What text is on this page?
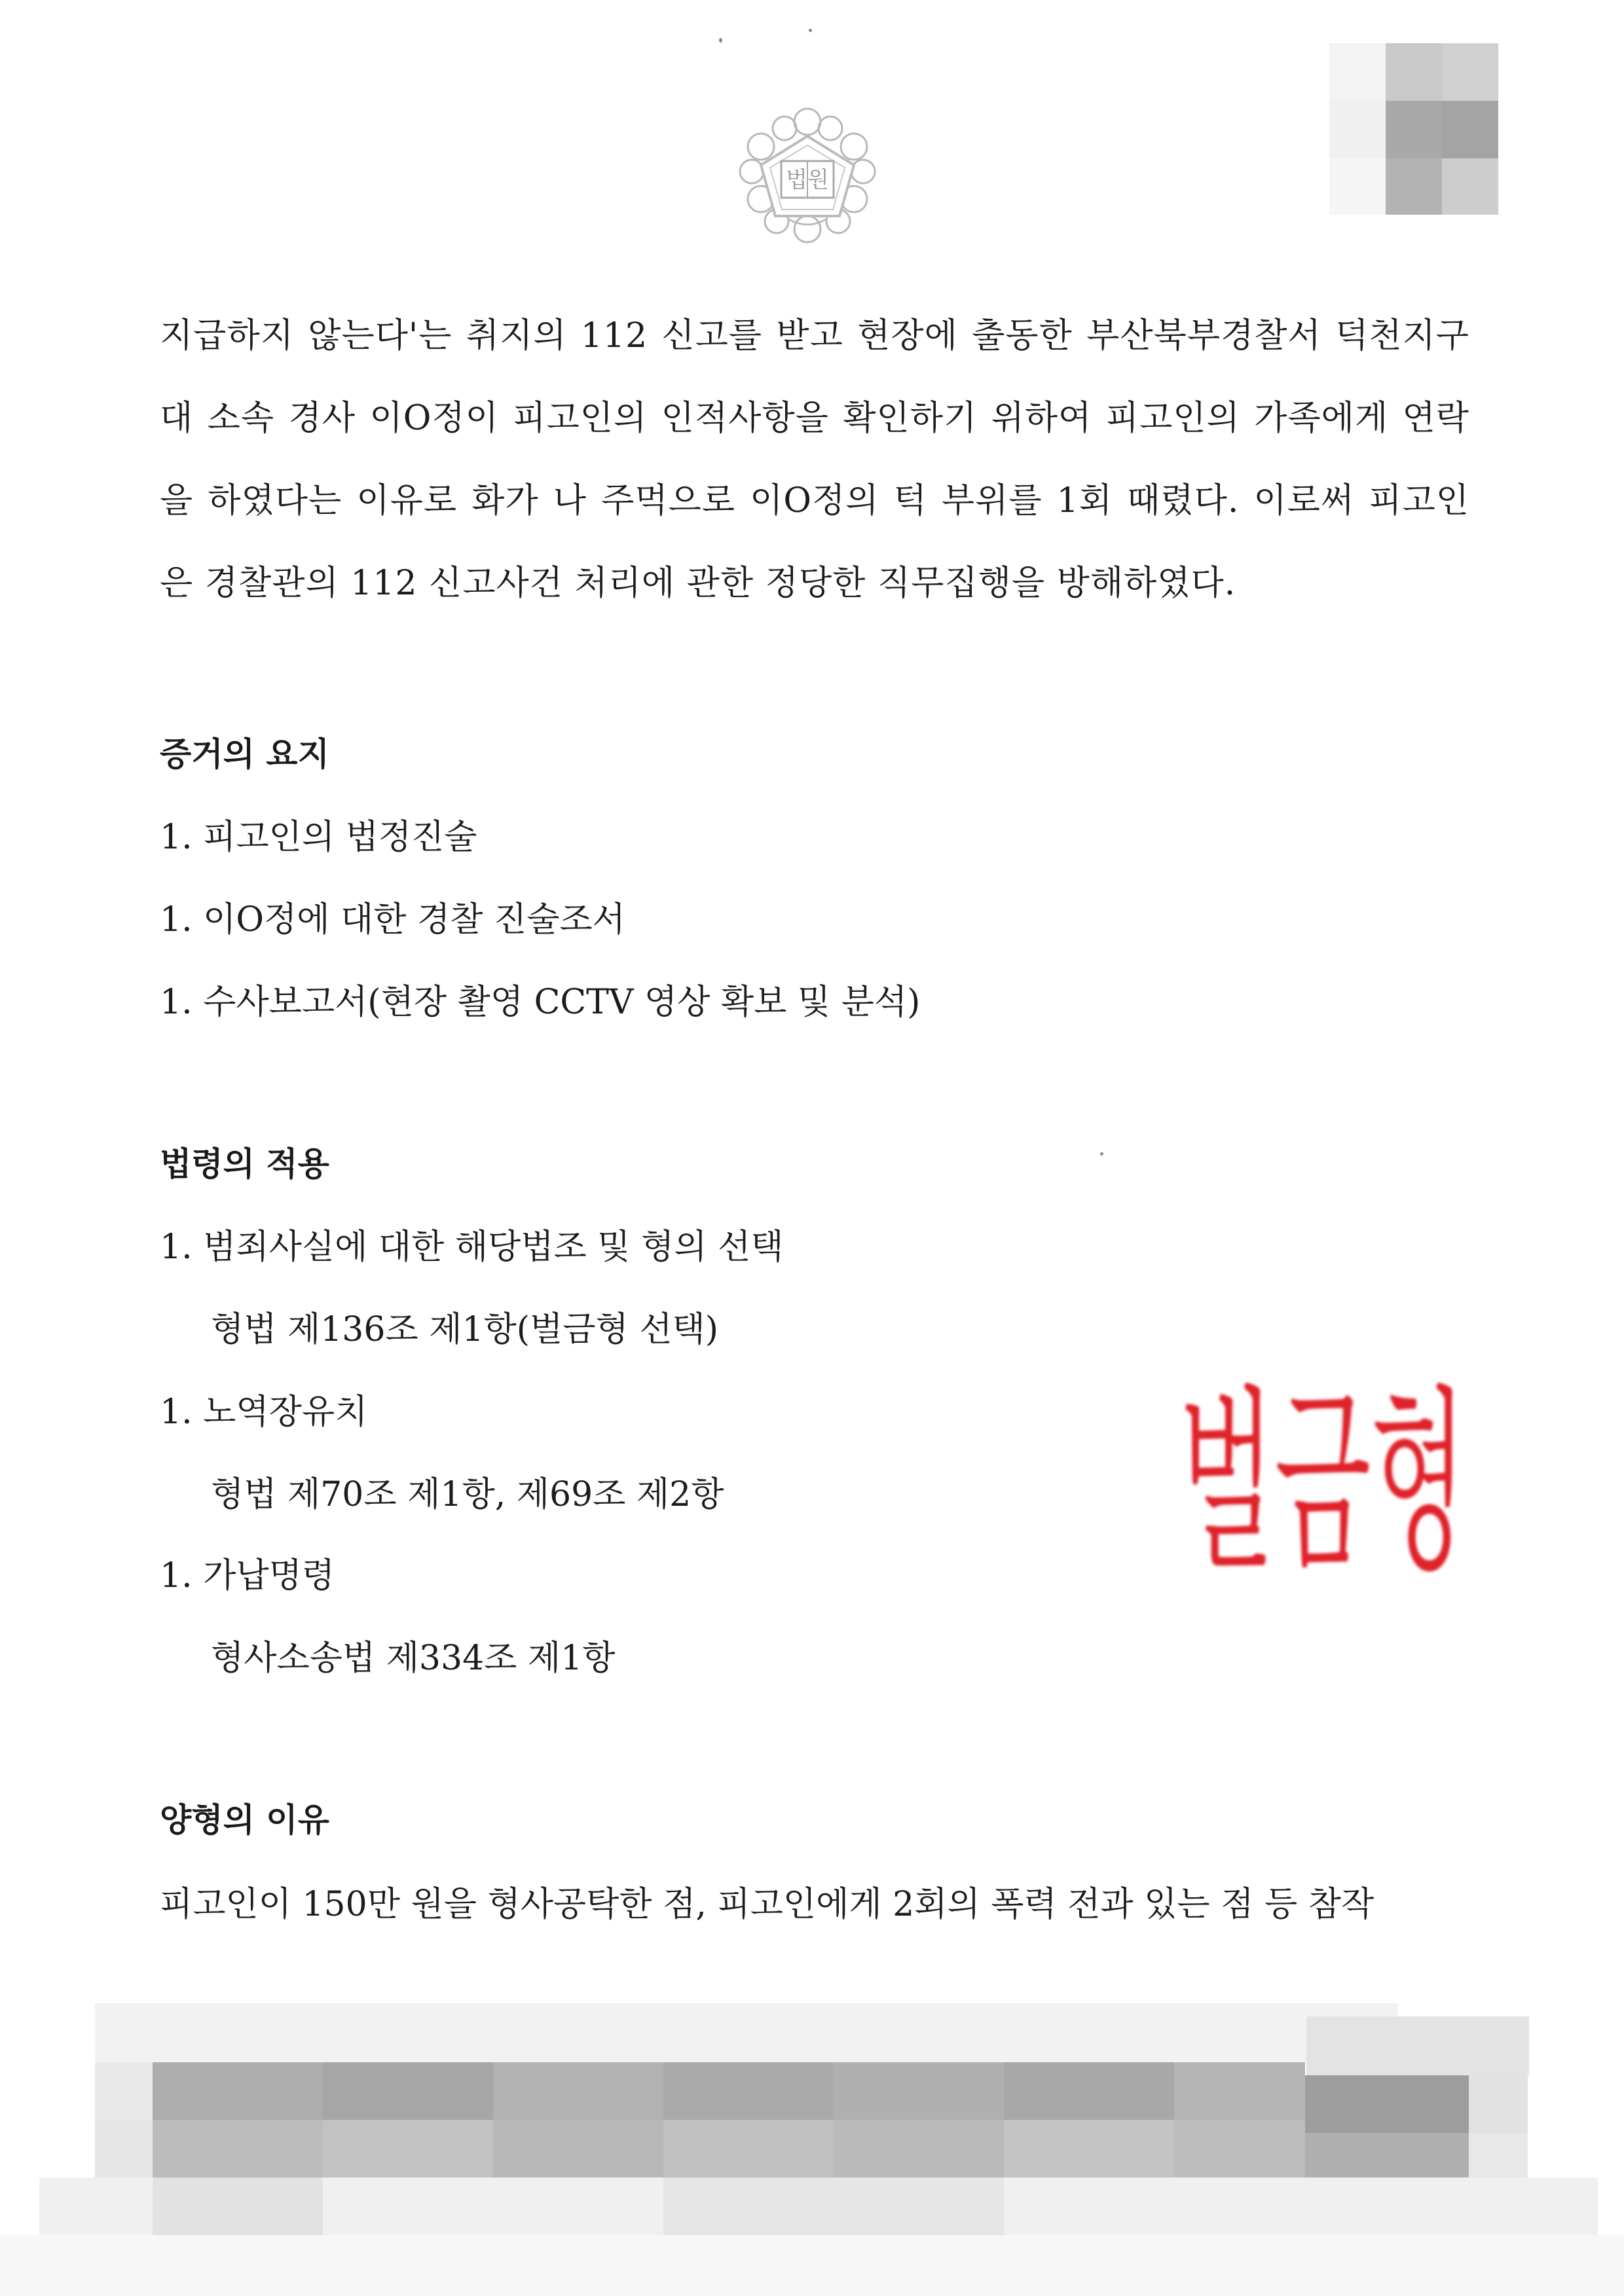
법원
지급하지 않는다'는 취지의 112 신고를 받고 현장에 출동한 부산북부경찰서 덕천지구
대 소속 경사 이O정이 피고인의 인적사항을 확인하기 위하여 피고인의 가족에게 연락
을 하였다는 이유로 화가 나 주먹으로 이O정의 턱 부위를 1회 때렸다. 이로써 피고인
은 경찰관의 112 신고사건 처리에 관한 정당한 직무집행을 방해하였다.
증거의 요지
1. 피고인의 법정진술
1. 이O정에 대한 경찰 진술조서
1. 수사보고서(현장 촬영 CCTV 영상 확보 및 분석)
법령의 적용
1. 범죄사실에 대한 해당법조 및 형의 선택
형법 제136조 제1항(벌금형 선택)
1. 노역장유치
형법 제70조 제1항, 제69조 제2항
1. 가납명령
형사소송법 제334조 제1항
양형의 이유
피고인이 150만 원을 형사공탁한 점, 피고인에게 2회의 폭력 전과 있는 점 등 참작
벌금형
